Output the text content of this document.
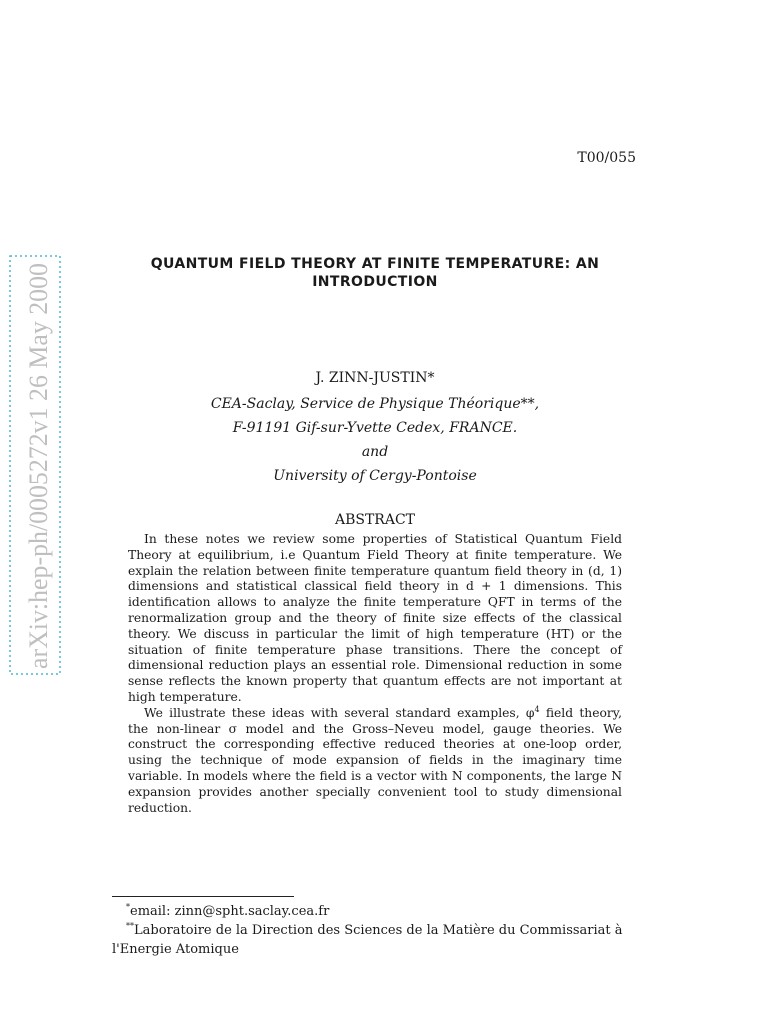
arXiv:hep-ph/0005272v1 26 May 2000
T00/055
QUANTUM FIELD THEORY AT FINITE TEMPERATURE: AN
INTRODUCTION
J. ZINN-JUSTIN*
CEA-Saclay, Service de Physique Théorique**,
F-91191 Gif-sur-Yvette Cedex, FRANCE.
and
University of Cergy-Pontoise
ABSTRACT

In these notes we review some properties of Statistical Quantum Field Theory at equilibrium, i.e Quantum Field Theory at finite temperature. We explain the relation between finite temperature quantum field theory in (d, 1) dimensions and statistical classical field theory in d + 1 dimensions. This identification allows to analyze the finite temperature QFT in terms of the renormalization group and the theory of finite size effects of the classical theory. We discuss in particular the limit of high temperature (HT) or the situation of finite temperature phase transitions. There the concept of dimensional reduction plays an essential role. Dimensional reduction in some sense reflects the known property that quantum effects are not important at high temperature.

We illustrate these ideas with several standard examples, $\varphi^4$ field theory, the non-linear σ model and the Gross–Neveu model, gauge theories. We construct the corresponding effective reduced theories at one-loop order, using the technique of mode expansion of fields in the imaginary time variable. In models where the field is a vector with N components, the large N expansion provides another specially convenient tool to study dimensional reduction.

*email: zinn@spht.saclay.cea.fr

**Laboratoire de la Direction des Sciences de la Matière du Commissariat à l'Energie Atomique
